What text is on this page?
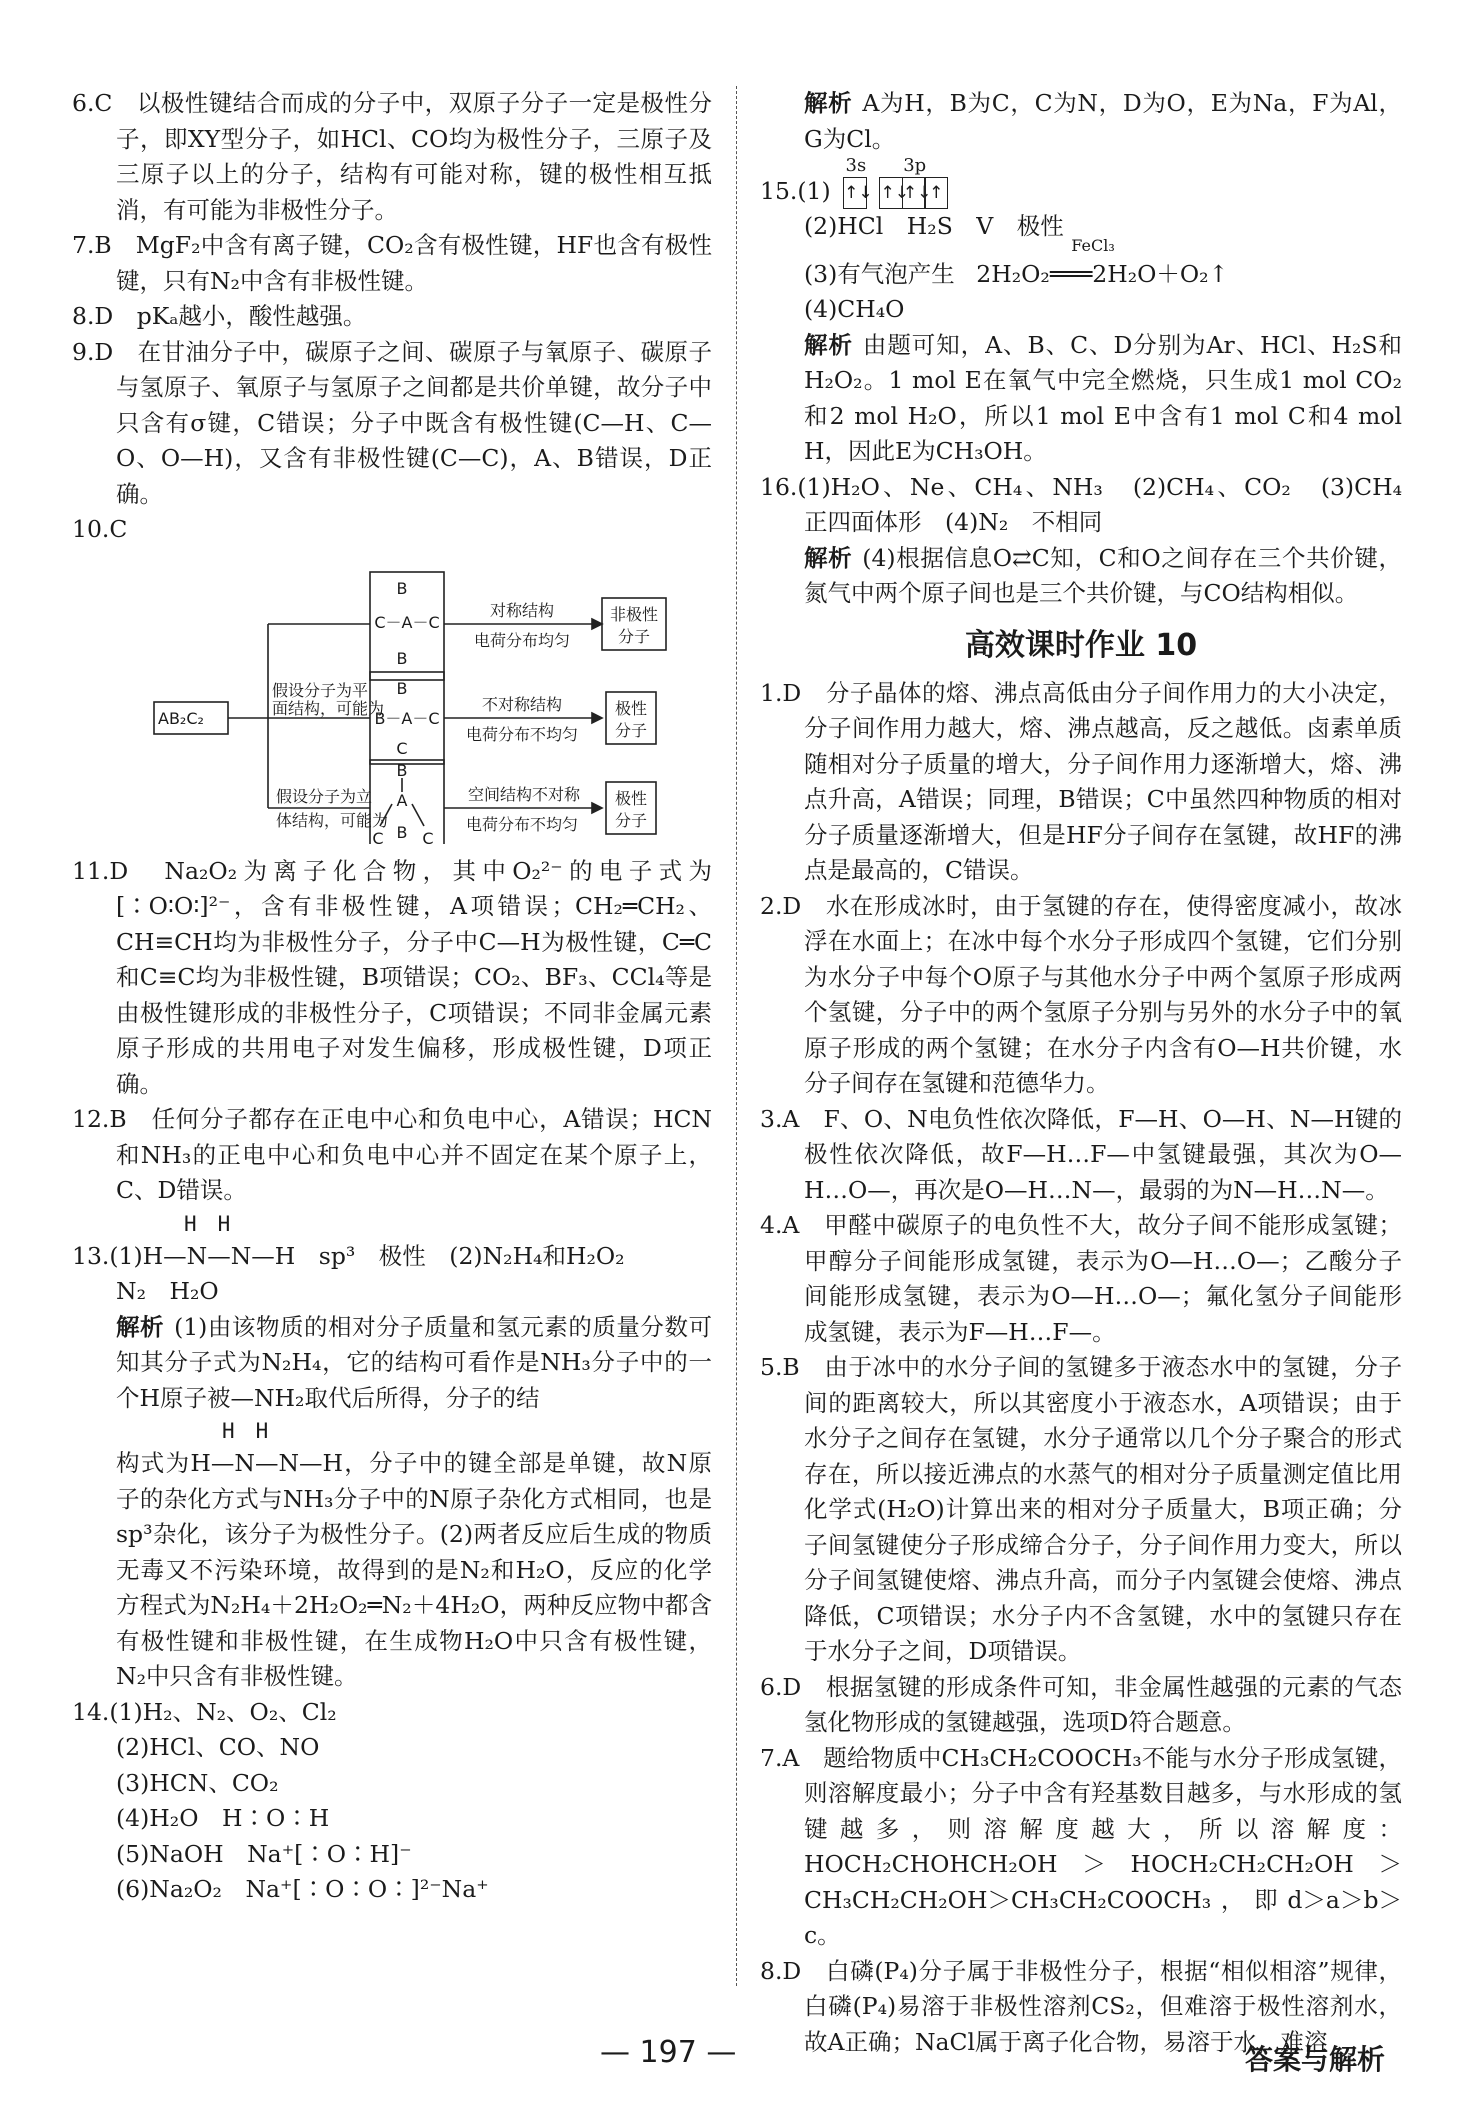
6.C　以极性键结合而成的分子中，双原子分子一定是极性分子，即XY型分子，如HCl、CO均为极性分子，三原子及三原子以上的分子，结构有可能对称，键的极性相互抵消，有可能为非极性分子。

7.B　MgF₂中含有离子键，CO₂含有极性键，HF也含有极性键，只有N₂中含有非极性键。

8.D　pKₐ越小，酸性越强。

9.D　在甘油分子中，碳原子之间、碳原子与氧原子、碳原子与氢原子、氧原子与氢原子之间都是共价单键，故分子中只含有σ键，C错误；分子中既含有极性键(C—H、C—O、O—H)，又含有非极性键(C—C)，A、B错误，D正确。

10.C

AB₂C₂
假设分子为平
面结构，可能为
假设分子为立
体结构，可能为
B
C－A－C
B
对称结构
电荷分布均匀
非极性
分子
B
B－A－C
C
不对称结构
电荷分布不均匀
极性
分子
B
A
C B C
空间结构不对称
电荷分布不均匀
极性
分子

11.D　Na₂O₂为离子化合物，其中O₂²⁻的电子式为[∶O∶O∶]²⁻，含有非极性键，A项错误；CH₂═CH₂、CH≡CH均为非极性分子，分子中C—H为极性键，C═C和C≡C均为非极性键，B项错误；CO₂、BF₃、CCl₄等是由极性键形成的非极性分子，C项错误；不同非金属元素原子形成的共用电子对发生偏移，形成极性键，D项正确。

12.B　任何分子都存在正电中心和负电中心，A错误；HCN和NH₃的正电中心和负电中心并不固定在某个原子上，C、D错误。

H　H

13.(1)H—N—N—H　sp³　极性　(2)N₂H₄和H₂O₂

N₂　H₂O

解析 (1)由该物质的相对分子质量和氢元素的质量分数可知其分子式为N₂H₄，它的结构可看作是NH₃分子中的一个H原子被—NH₂取代后所得，分子的结

H　H

构式为H—N—N—H，分子中的键全部是单键，故N原子的杂化方式与NH₃分子中的N原子杂化方式相同，也是sp³杂化，该分子为极性分子。(2)两者反应后生成的物质无毒又不污染环境，故得到的是N₂和H₂O，反应的化学方程式为N₂H₄＋2H₂O₂═N₂＋4H₂O，两种反应物中都含有极性键和非极性键，在生成物H₂O中只含有极性键，N₂中只含有非极性键。

14.(1)H₂、N₂、O₂、Cl₂

(2)HCl、CO、NO

(3)HCN、CO₂

(4)H₂O　H∶O∶H

(5)NaOH　Na⁺[∶O∶H]⁻

(6)Na₂O₂　Na⁺[∶O∶O∶]²⁻Na⁺

解析 A为H，B为C，C为N，D为O，E为Na，F为Al，G为Cl。

15.(1)
3s
↑↓
3p
↑↓
↑↓
↑

(2)HCl　H₂S　V　极性

(3)有气泡产生
FeCl₃
2H₂O₂═══2H₂O＋O₂↑

(4)CH₄O

解析 由题可知，A、B、C、D分别为Ar、HCl、H₂S和H₂O₂。1 mol E在氧气中完全燃烧，只生成1 mol CO₂和2 mol H₂O，所以1 mol E中含有1 mol C和4 mol H，因此E为CH₃OH。

16.(1)H₂O、Ne、CH₄、NH₃　(2)CH₄、CO₂　(3)CH₄　正四面体形　(4)N₂　不相同

解析 (4)根据信息O⇄C知，C和O之间存在三个共价键，氮气中两个原子间也是三个共价键，与CO结构相似。

高效课时作业 10

1.D　分子晶体的熔、沸点高低由分子间作用力的大小决定，分子间作用力越大，熔、沸点越高，反之越低。卤素单质随相对分子质量的增大，分子间作用力逐渐增大，熔、沸点升高，A错误；同理，B错误；C中虽然四种物质的相对分子质量逐渐增大，但是HF分子间存在氢键，故HF的沸点是最高的，C错误。

2.D　水在形成冰时，由于氢键的存在，使得密度减小，故冰浮在水面上；在冰中每个水分子形成四个氢键，它们分别为水分子中每个O原子与其他水分子中两个氢原子形成两个氢键，分子中的两个氢原子分别与另外的水分子中的氧原子形成的两个氢键；在水分子内含有O—H共价键，水分子间存在氢键和范德华力。

3.A　F、O、N电负性依次降低，F—H、O—H、N—H键的极性依次降低，故F—H…F—中氢键最强，其次为O—H…O—，再次是O—H…N—，最弱的为N—H…N—。

4.A　甲醛中碳原子的电负性不大，故分子间不能形成氢键；甲醇分子间能形成氢键，表示为O—H…O—；乙酸分子间能形成氢键，表示为O—H…O—；氟化氢分子间能形成氢键，表示为F—H…F—。

5.B　由于冰中的水分子间的氢键多于液态水中的氢键，分子间的距离较大，所以其密度小于液态水，A项错误；由于水分子之间存在氢键，水分子通常以几个分子聚合的形式存在，所以接近沸点的水蒸气的相对分子质量测定值比用化学式(H₂O)计算出来的相对分子质量大，B项正确；分子间氢键使分子形成缔合分子，分子间作用力变大，所以分子间氢键使熔、沸点升高，而分子内氢键会使熔、沸点降低，C项错误；水分子内不含氢键，水中的氢键只存在于水分子之间，D项错误。

6.D　根据氢键的形成条件可知，非金属性越强的元素的气态氢化物形成的氢键越强，选项D符合题意。

7.A　题给物质中CH₃CH₂COOCH₃不能与水分子形成氢键，则溶解度最小；分子中含有羟基数目越多，与水形成的氢键越多，则溶解度越大，所以溶解度：HOCH₂CHOHCH₂OH ＞ HOCH₂CH₂CH₂OH ＞ CH₃CH₂CH₂OH＞CH₃CH₂COOCH₃，即d＞a＞b＞c。

8.D　白磷(P₄)分子属于非极性分子，根据“相似相溶”规律，白磷(P₄)易溶于非极性溶剂CS₂，但难溶于极性溶剂水，故A正确；NaCl属于离子化合物，易溶于水，难溶

— 197 —	答案与解析
